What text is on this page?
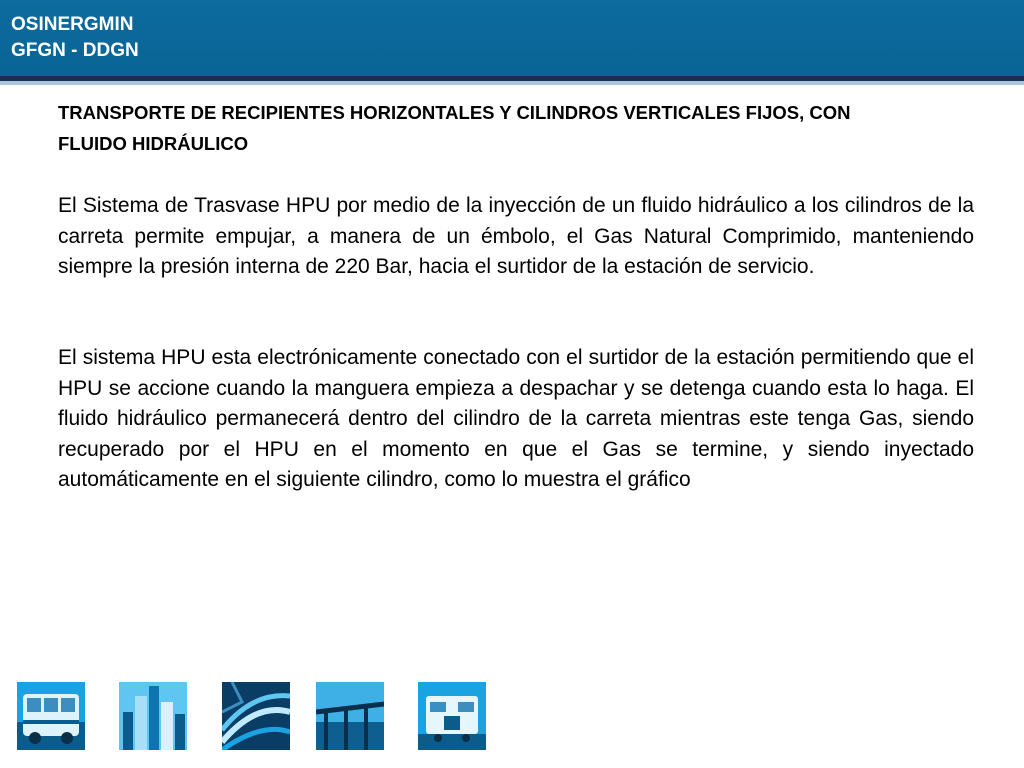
OSINERGMIN
GFGN - DDGN
TRANSPORTE DE RECIPIENTES HORIZONTALES Y CILINDROS VERTICALES FIJOS, CON
FLUIDO HIDRÁULICO
El Sistema de Trasvase HPU por medio de la inyección de un fluido hidráulico a los cilindros de la carreta permite empujar, a manera de un émbolo, el Gas Natural Comprimido, manteniendo siempre la presión interna de 220 Bar, hacia el surtidor de la estación de servicio.
El sistema HPU esta electrónicamente conectado con el surtidor de la estación permitiendo que el HPU se accione cuando la manguera empieza a despachar y se detenga cuando esta lo haga. El fluido hidráulico permanecerá dentro del cilindro de la carreta mientras este tenga Gas, siendo recuperado por el HPU en el momento en que el Gas se termine, y siendo inyectado automáticamente en el siguiente cilindro, como lo muestra el gráfico
